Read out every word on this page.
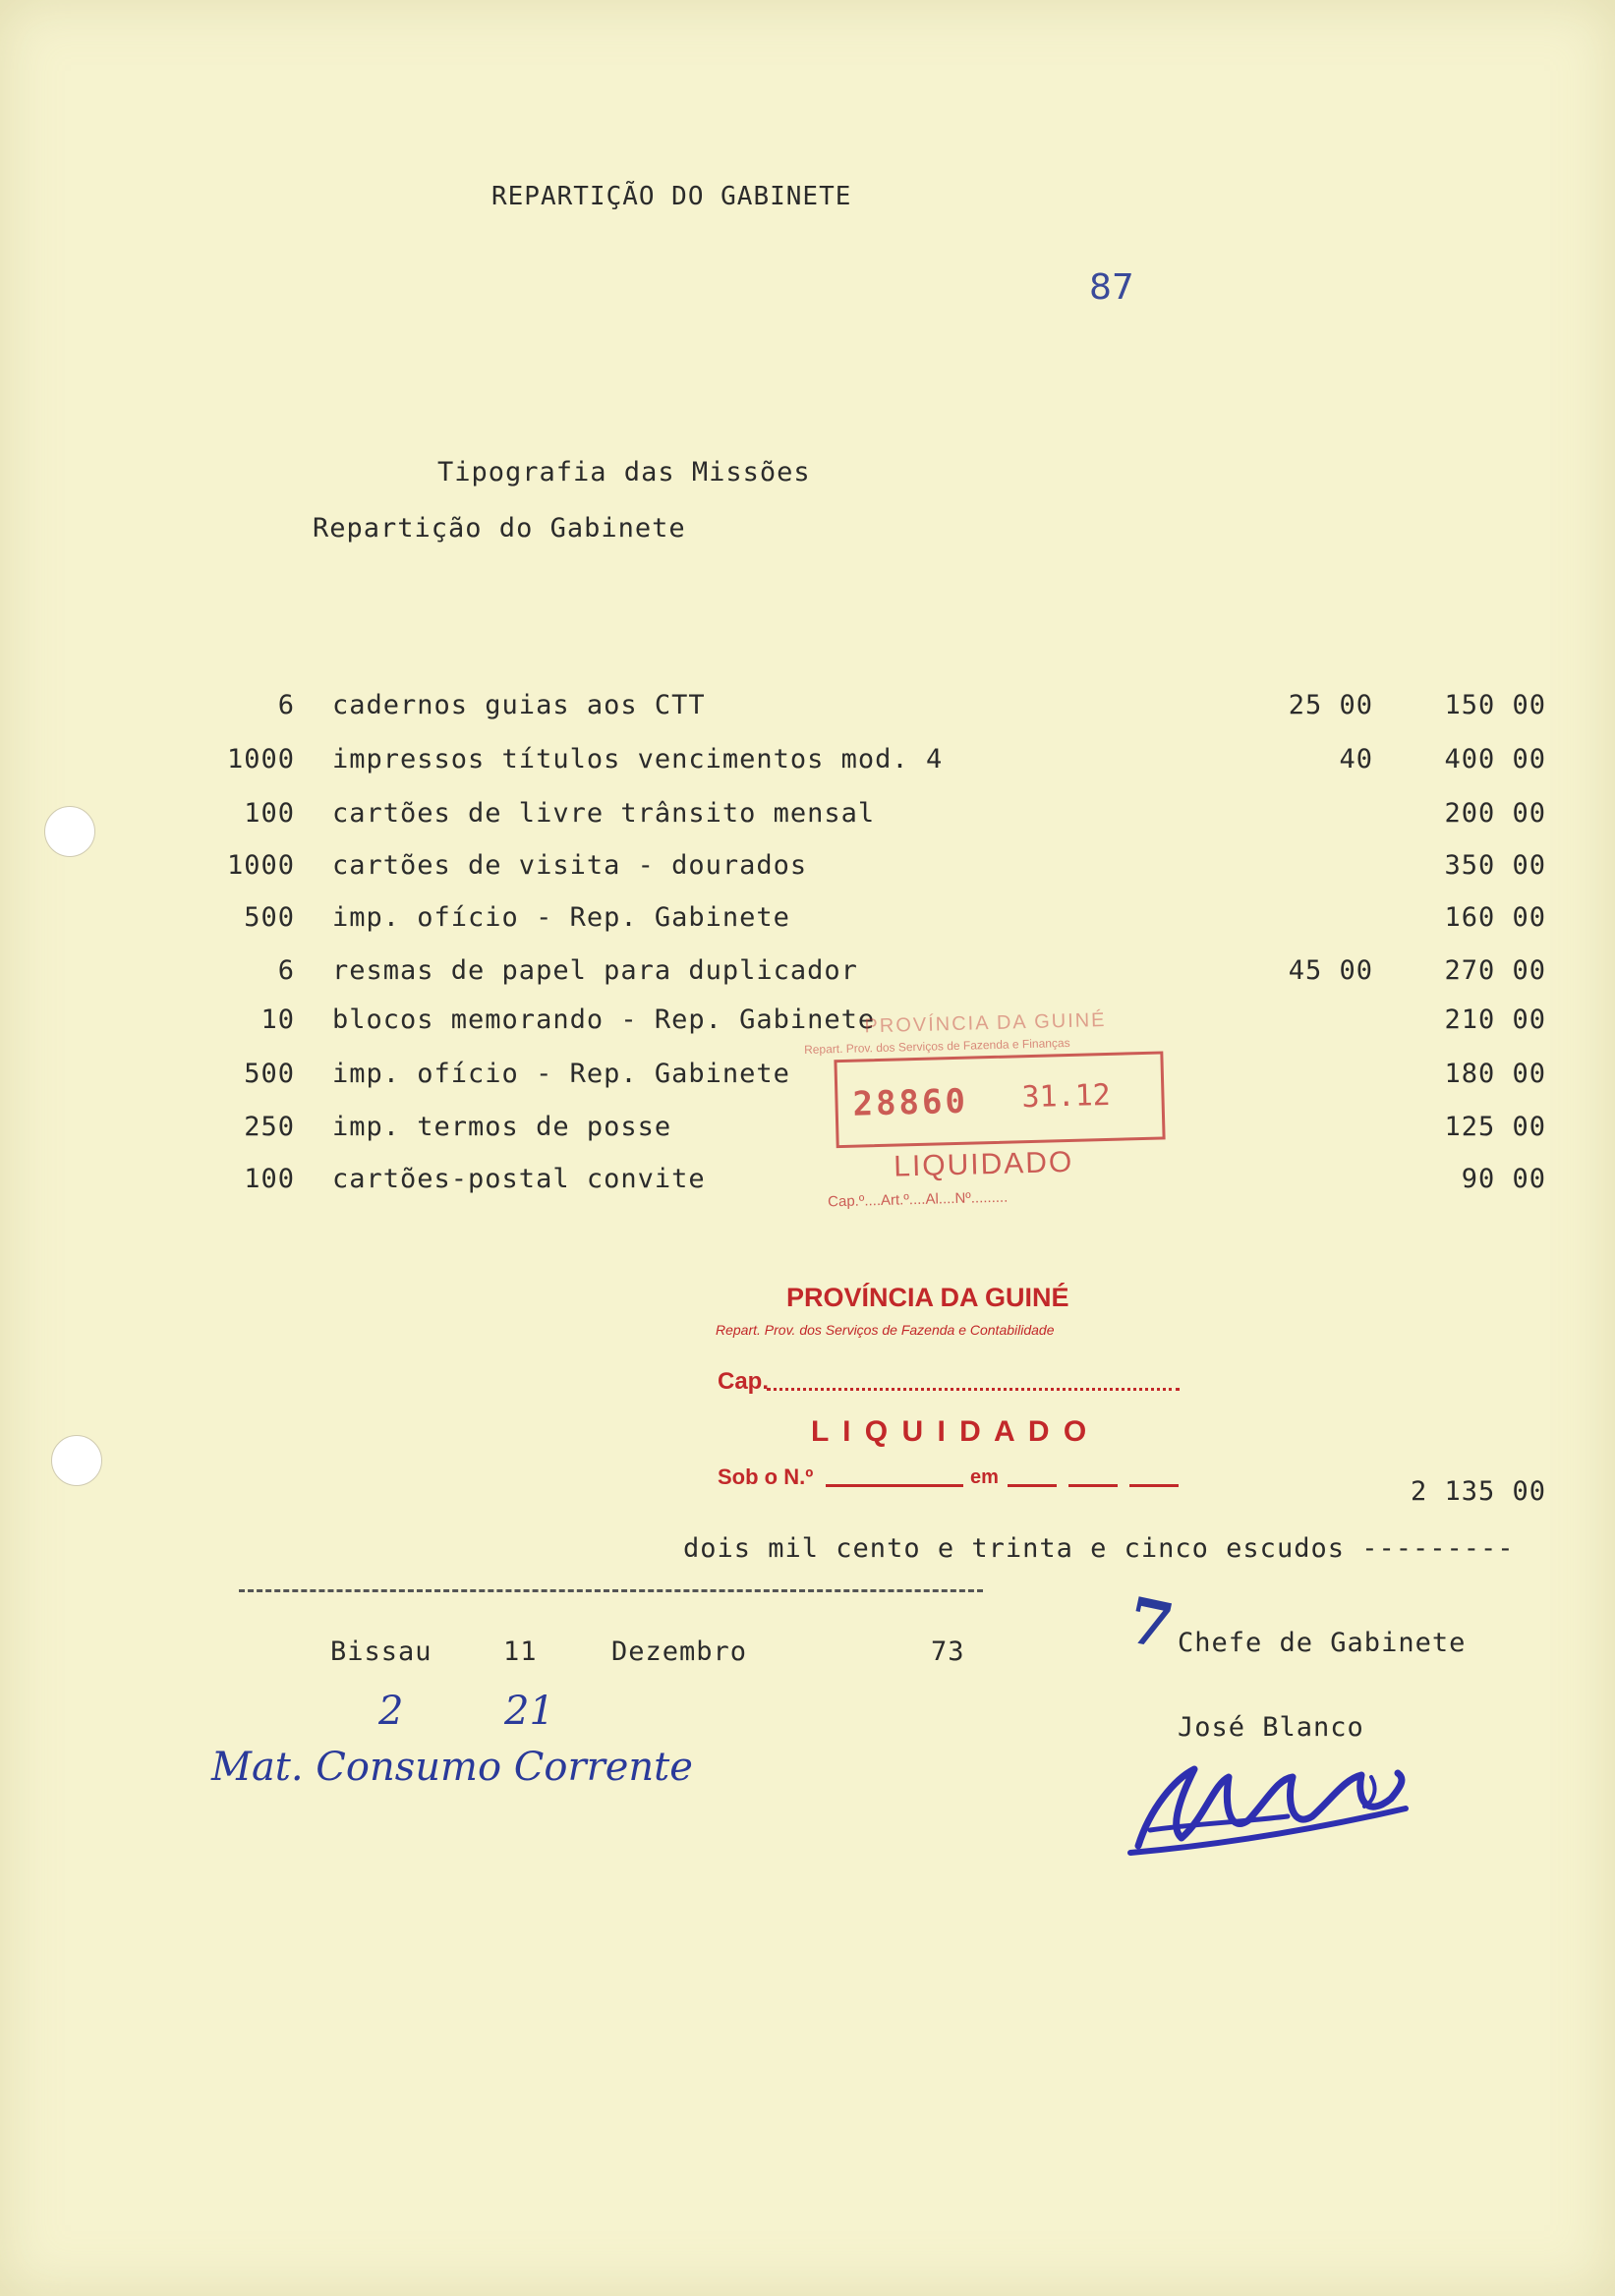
REPARTIÇÃO DO GABINETE
87
Tipografia das Missões
Repartição do Gabinete
6 cadernos guias aos CTT	25 00	150 00
1000 impressos títulos vencimentos mod. 4	40	400 00
100 cartões de livre trânsito mensal	200 00
1000 cartões de visita - dourados	350 00
500 imp. ofício - Rep. Gabinete	160 00
6 resmas de papel para duplicador	45 00	270 00
10 blocos memorando - Rep. Gabinete	210 00
500 imp. ofício - Rep. Gabinete	180 00
250 imp. termos de posse	125 00
100 cartões-postal convite	90 00
PROVÍNCIA DA GUINÉ
Repart. Prov. dos Serviços de Fazenda e Finanças
28860 31.12
LIQUIDADO
Cap.º....Art.º....Al....Nº.........
PROVÍNCIA DA GUINÉ
Repart. Prov. dos Serviços de Fazenda e Contabilidade
Cap.
L I Q U I D A D O
Sob o N.º	em	2 135 00
dois mil cento e trinta e cinco escudos ---------
Bissau	11	Dezembro	73	Chefe de Gabinete
José Blanco
7
2	21
Mat. Consumo Corrente
